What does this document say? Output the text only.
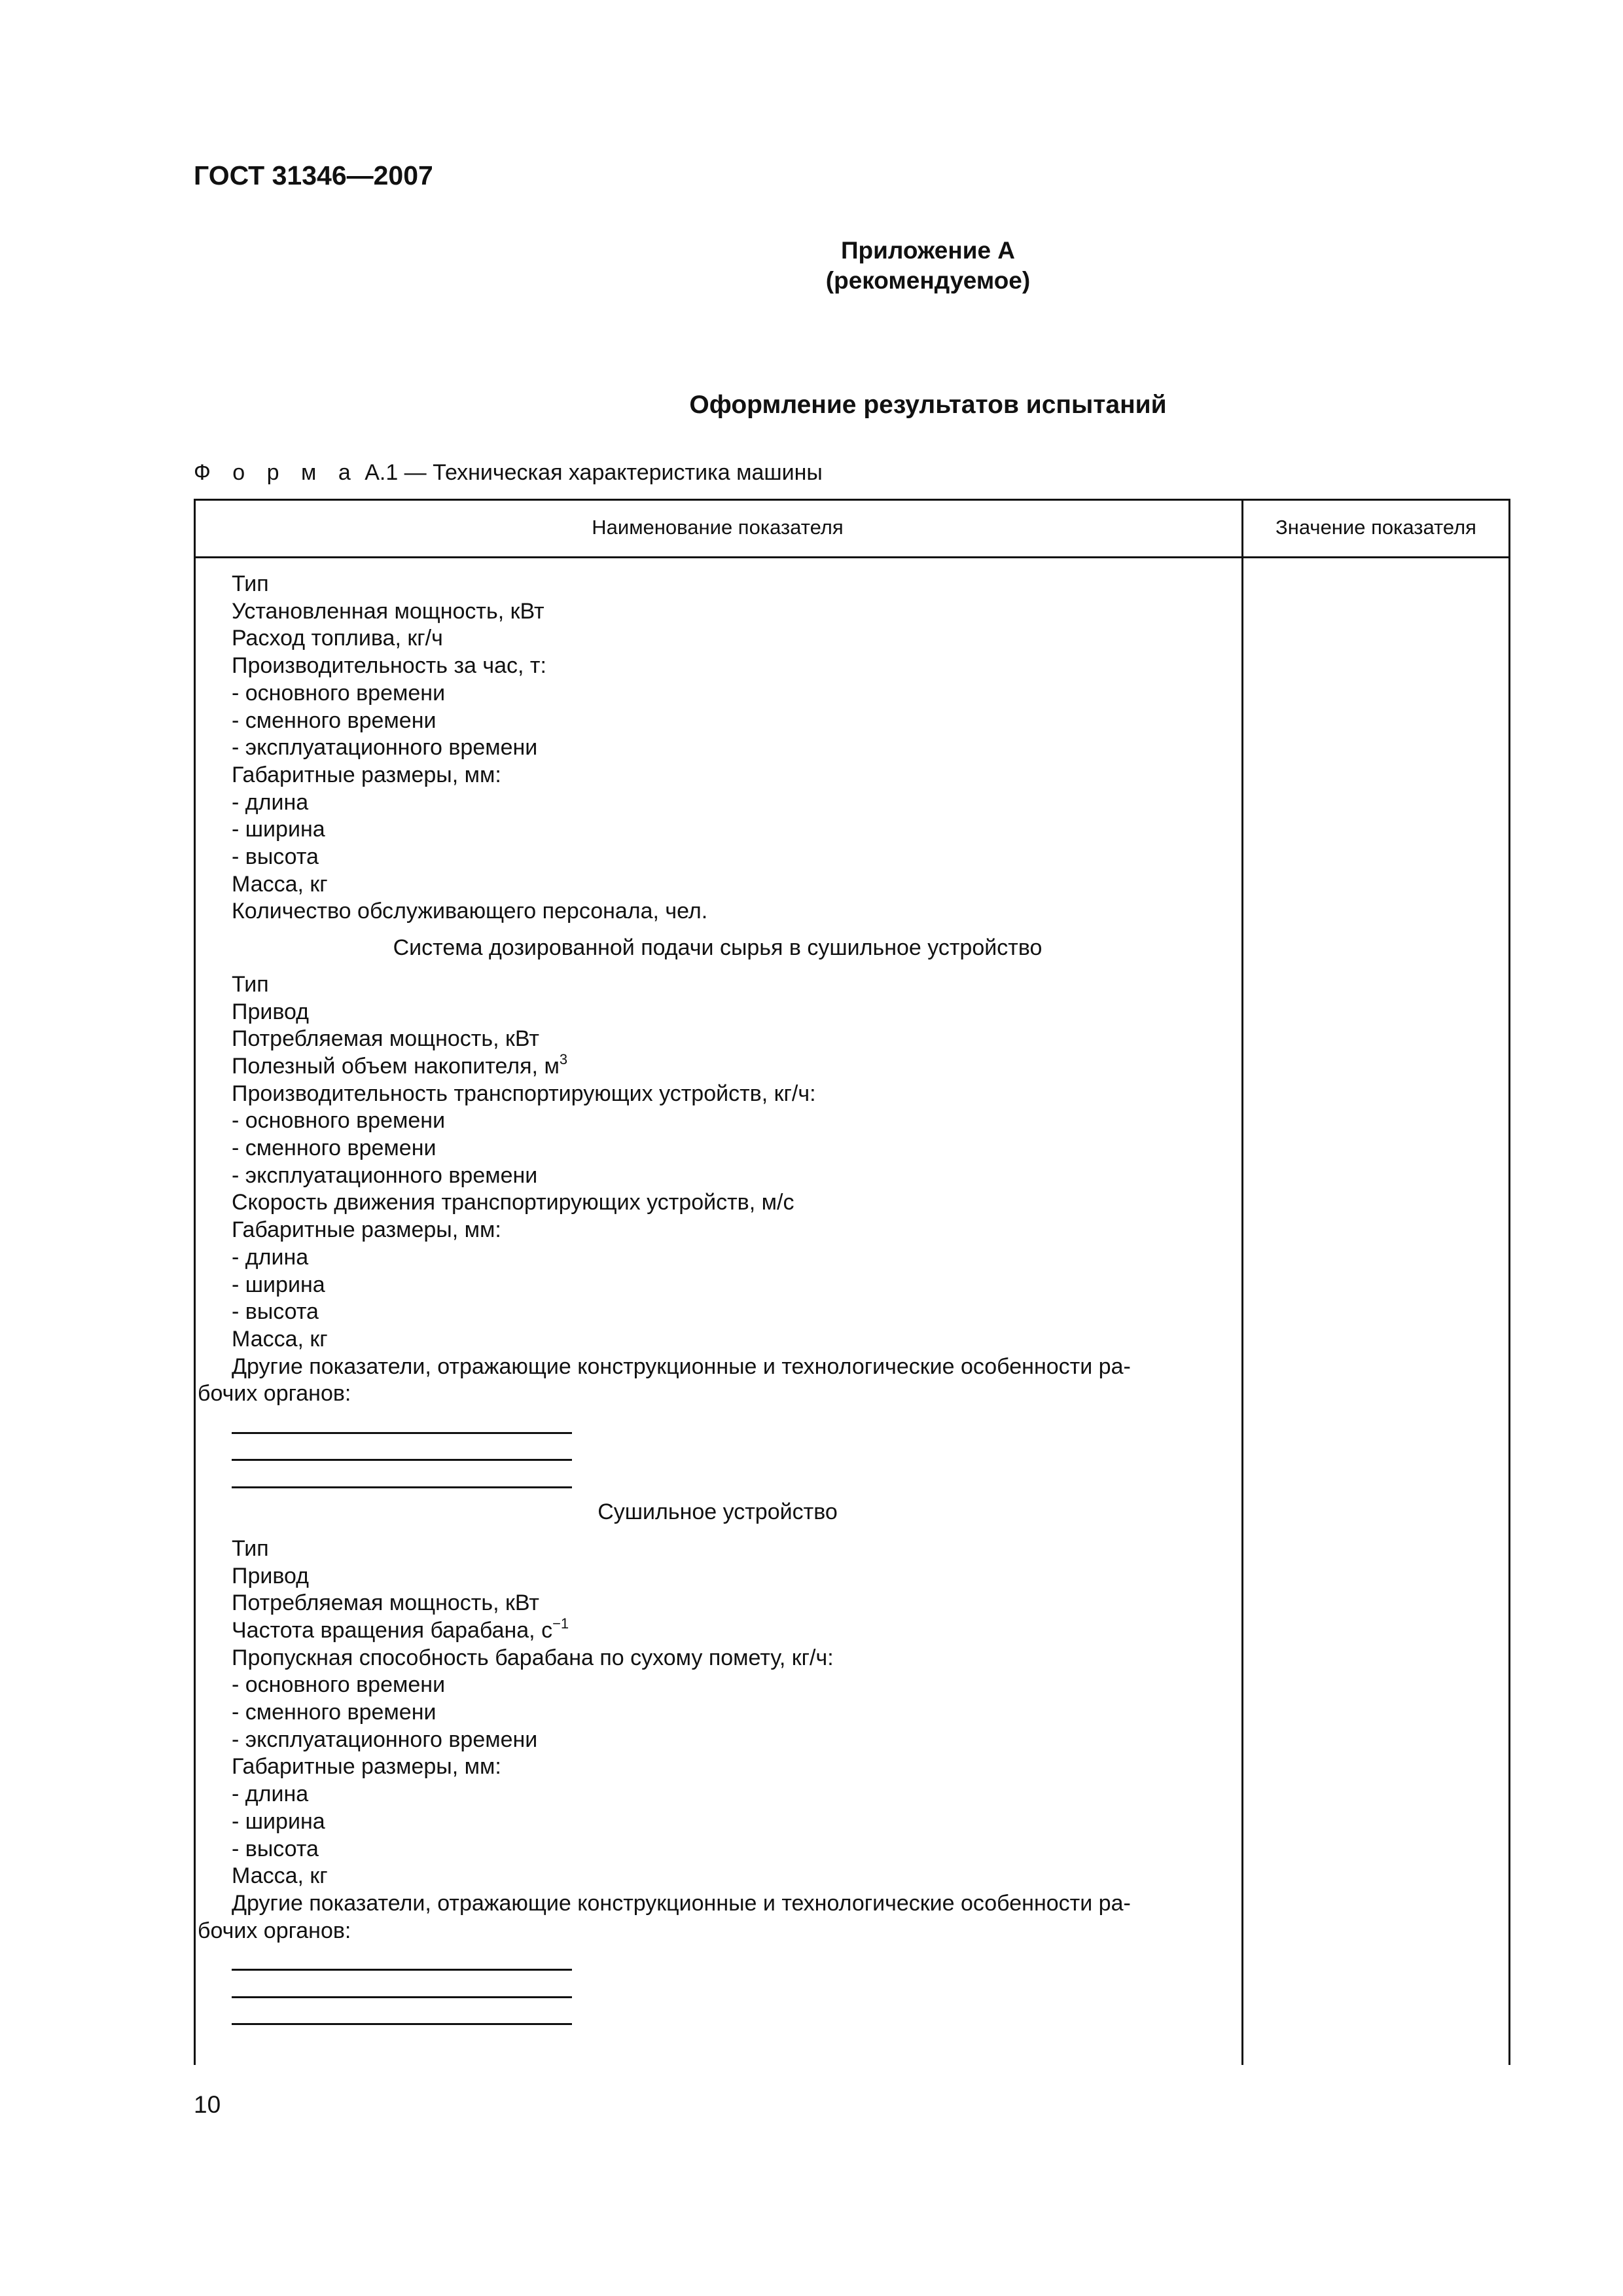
ГОСТ 31346—2007
Приложение А
(рекомендуемое)
Оформление результатов испытаний
Ф о р м а А.1 — Техническая характеристика машины
Наименование показателя	Значение показателя
Тип
Установленная мощность, кВт
Расход топлива, кг/ч
Производительность за час, т:
- основного времени
- сменного времени
- эксплуатационного времени
Габаритные размеры, мм:
- длина
- ширина
- высота
Масса, кг
Количество обслуживающего персонала, чел.
Система дозированной подачи сырья в сушильное устройство
Тип
Привод
Потребляемая мощность, кВт
Полезный объем накопителя, $м^3$
Производительность транспортирующих устройств, кг/ч:
- основного времени
- сменного времени
- эксплуатационного времени
Скорость движения транспортирующих устройств, м/с
Габаритные размеры, мм:
- длина
- ширина
- высота
Масса, кг
Другие показатели, отражающие конструкционные и технологические особенности ра-
бочих органов:
Сушильное устройство
Тип
Привод
Потребляемая мощность, кВт
Частота вращения барабана, $с^{-1}$
Пропускная способность барабана по сухому помету, кг/ч:
- основного времени
- сменного времени
- эксплуатационного времени
Габаритные размеры, мм:
- длина
- ширина
- высота
Масса, кг
Другие показатели, отражающие конструкционные и технологические особенности ра-
бочих органов:
10
